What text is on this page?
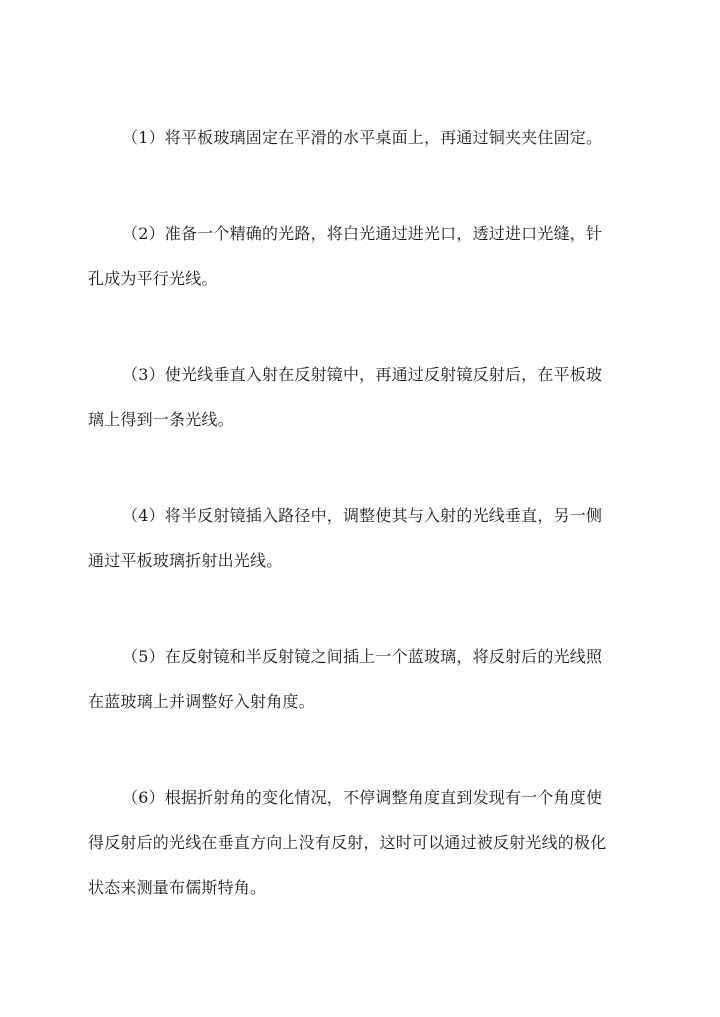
（1）将平板玻璃固定在平滑的水平桌面上，再通过铜夹夹住固定。

（2）准备一个精确的光路，将白光通过进光口，透过进口光缝，针
孔成为平行光线。

（3）使光线垂直入射在反射镜中，再通过反射镜反射后，在平板玻
璃上得到一条光线。

（4）将半反射镜插入路径中，调整使其与入射的光线垂直，另一侧
通过平板玻璃折射出光线。

（5）在反射镜和半反射镜之间插上一个蓝玻璃，将反射后的光线照
在蓝玻璃上并调整好入射角度。

（6）根据折射角的变化情况，不停调整角度直到发现有一个角度使
得反射后的光线在垂直方向上没有反射，这时可以通过被反射光线的极化
状态来测量布儒斯特角。
